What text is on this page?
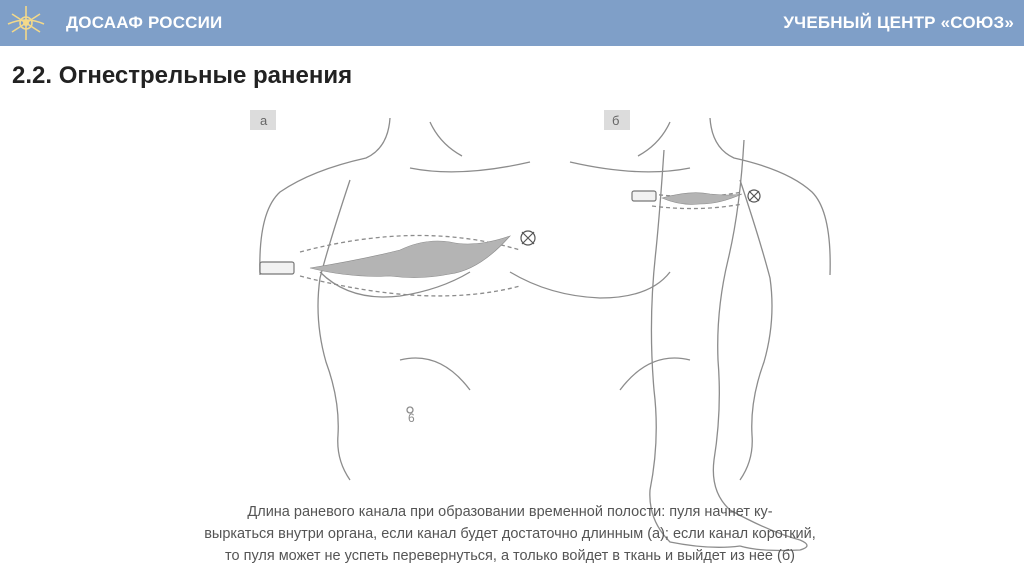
ДОСААФ РОССИИ	УЧЕБНЫЙ ЦЕНТР «СОЮЗ»
2.2. Огнестрельные ранения
а	б
6
Длина раневого канала при образовании временной полости: пуля начнет ку-
выркаться внутри органа, если канал будет достаточно длинным (а); если канал короткий,
то пуля может не успеть перевернуться, а только войдет в ткань и выйдет из нее (б)
